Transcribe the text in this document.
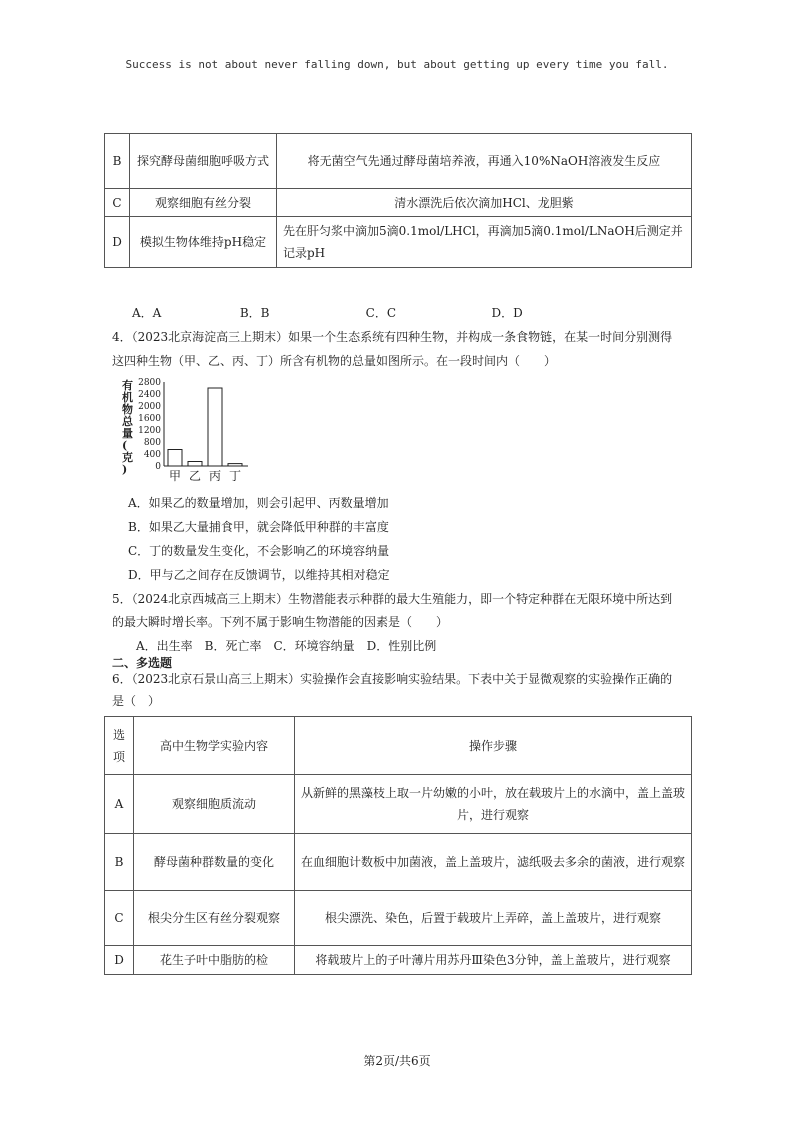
Success is not about never falling down, but about getting up every time you fall.
B	探究酵母菌细胞呼吸方式	将无菌空气先通过酵母菌培养液，再通入10%NaOH溶液发生反应
C	观察细胞有丝分裂	清水漂洗后依次滴加HCl、龙胆紫
D	模拟生物体维持pH稳定	先在肝匀浆中滴加5滴0.1mol/LHCl，再滴加5滴0.1mol/LNaOH后测定并记录pH
A．A	B．B	C．C	D．D
4．（2023北京海淀高三上期末）如果一个生态系统有四种生物，并构成一条食物链，在某一时间分别测得
这四种生物（甲、乙、丙、丁）所含有机物的总量如图所示。在一段时间内（　　）
有机物总量(克)
2800
2400
2000
1600
1200
800
400
0
甲 乙 丙 丁
A．如果乙的数量增加，则会引起甲、丙数量增加
B．如果乙大量捕食甲，就会降低甲种群的丰富度
C．丁的数量发生变化，不会影响乙的环境容纳量
D．甲与乙之间存在反馈调节，以维持其相对稳定
5．（2024北京西城高三上期末）生物潜能表示种群的最大生殖能力，即一个特定种群在无限环境中所达到
的最大瞬时增长率。下列不属于影响生物潜能的因素是（　　）
A．出生率　B．死亡率　C．环境容纳量　D．性别比例
二、多选题
6．（2023北京石景山高三上期末）实验操作会直接影响实验结果。下表中关于显微观察的实验操作正确的
是（　）
选项	高中生物学实验内容	操作步骤
A	观察细胞质流动	从新鲜的黑藻枝上取一片幼嫩的小叶，放在载玻片上的水滴中，盖上盖玻片，进行观察
B	酵母菌种群数量的变化	在血细胞计数板中加菌液，盖上盖玻片，滤纸吸去多余的菌液，进行观察
C	根尖分生区有丝分裂观察	根尖漂洗、染色，后置于载玻片上弄碎，盖上盖玻片，进行观察
D	花生子叶中脂肪的检	将载玻片上的子叶薄片用苏丹Ⅲ染色3分钟，盖上盖玻片，进行观察
第2页/共6页
